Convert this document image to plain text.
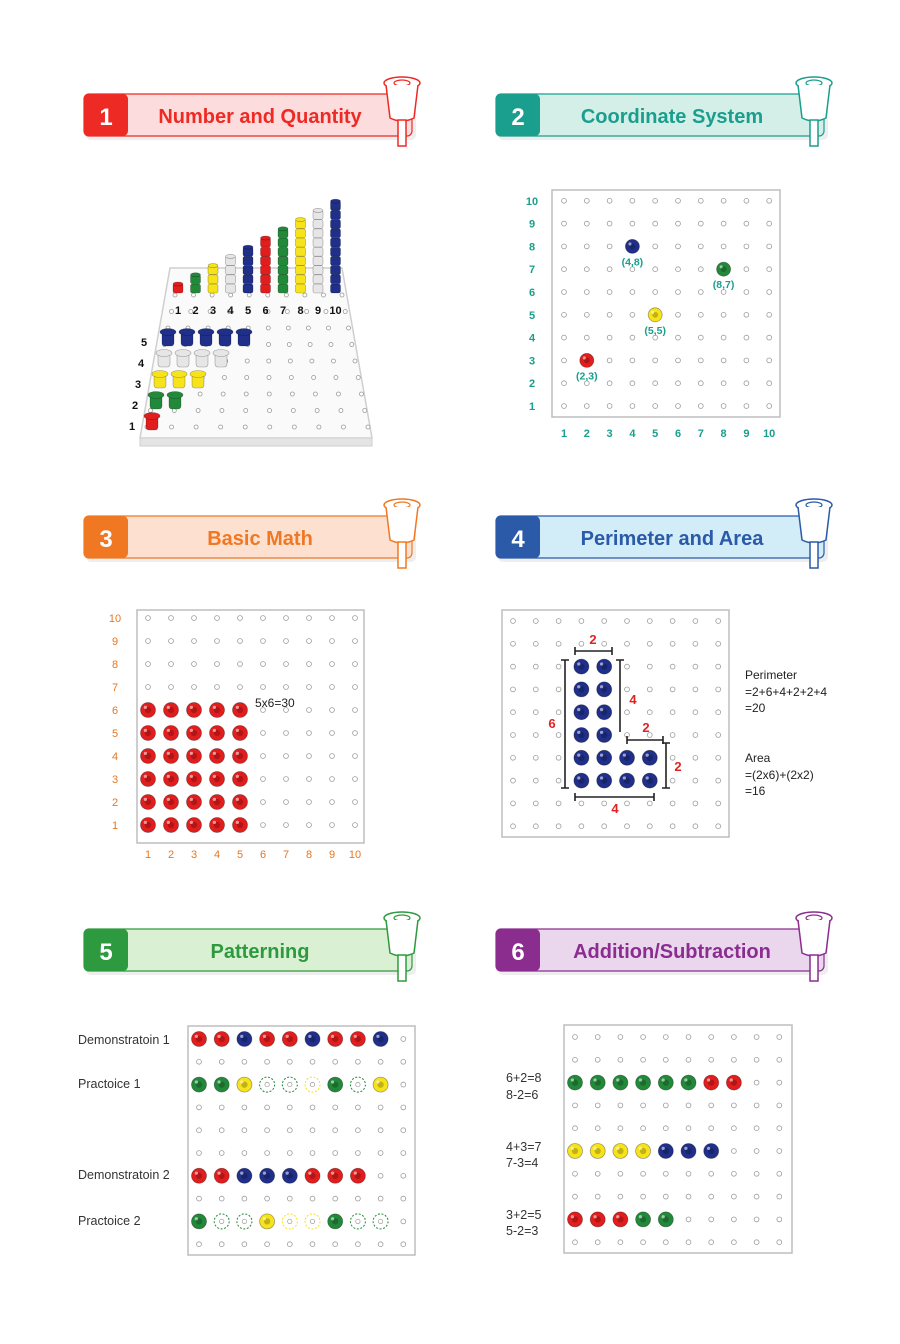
1 Number and Quantity	2	Coordinate System
3	Basic Math	4	Perimeter and Area
5	Patterning	6 Addition/Subtraction
1 2 3 4 5 6 7 8 9 10
1
2
3
4
5
1
2
3
4
5
6
7
8
9
10
1 2 3 4 5 6 7 8 9 10
(4,8)
(8,7)
(5,5)
(2,3)
1
2
3
4
5
6
7
8
9
10
1 2 3 4 5 6 7 8 9 10
5x6=30
2
6
4
2
2
4
Perimeter
=2+6+4+2+2+4
=20
Area
=(2x6)+(2x2)
=16
Demonstratoin 1
Practoice 1
Demonstratoin 2
Practoice 2
6+2=8
8-2=6
4+3=7
7-3=4
3+2=5
5-2=3
